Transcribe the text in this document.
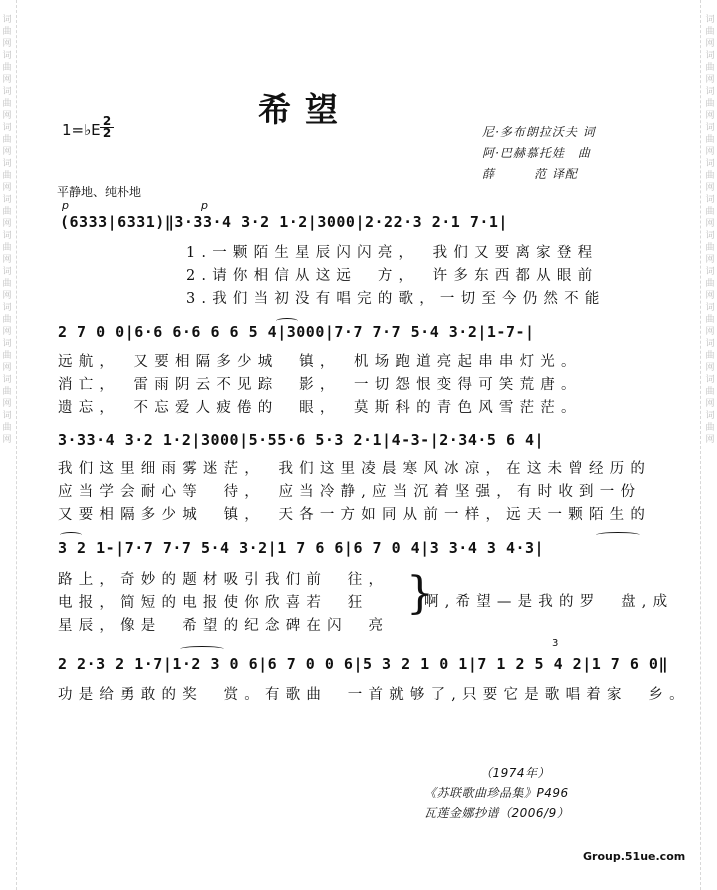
词曲网词曲网词曲网词曲网词曲网词曲网词曲网词曲网词曲网词曲网词曲网词曲网
词曲网词曲网词曲网词曲网词曲网词曲网词曲网词曲网词曲网词曲网词曲网词曲网
希望
1=♭E 2
2	尼·多布朗拉沃夫 词
阿·巴赫慕托娃　曲
薛　　　范 译配
平静地、纯朴地
p	p
(6333|6331)‖3·33·4 3·2 1·2|3000|2·22·3 2·1 7·1|
1.一颗陌生星辰闪闪亮，　我们又要离家登程
2.请你相信从这远　方，　许多东西都从眼前
3.我们当初没有唱完的歌，一切至今仍然不能
2 7 0 0|6·6 6·6 6 6 5 4|3000|7·7 7·7 5·4 3·2|1-7-|
远航，　又要相隔多少城　镇，　机场跑道亮起串串灯光。
消亡，　雷雨阴云不见踪　影，　一切怨恨变得可笑荒唐。
遗忘，　不忘爱人疲倦的　眼，　莫斯科的青色风雪茫茫。
3·33·4 3·2 1·2|3000|5·55·6 5·3 2·1|4-3-|2·34·5 6 4|
我们这里细雨雾迷茫，　我们这里凌晨寒风冰凉，在这未曾经历的
应当学会耐心等　待，　应当冷静,应当沉着坚强，有时收到一份
又要相隔多少城　镇，　天各一方如同从前一样，远天一颗陌生的
3 2 1-|7·7 7·7 5·4 3·2|1 7 6 6|6 7 0 4|3 3·4 3 4·3|
路上，奇妙的题材吸引我们前　往，
电报，简短的电报使你欣喜若　狂
星辰，像是　希望的纪念碑在闪　亮
}
啊,希望—是我的罗　盘,成
3
2 2·3 2 1·7|1·2 3 0 6|6 7 0 0 6|5 3 2 1 0 1|7 1 2 5 4 2|1 7 6 0‖
功是给勇敢的奖　赏。有歌曲　一首就够了,只要它是歌唱着家　乡。
（1974年）
《苏联歌曲珍品集》P496
瓦莲金娜抄谱（2006/9）
Group.51ue.com
